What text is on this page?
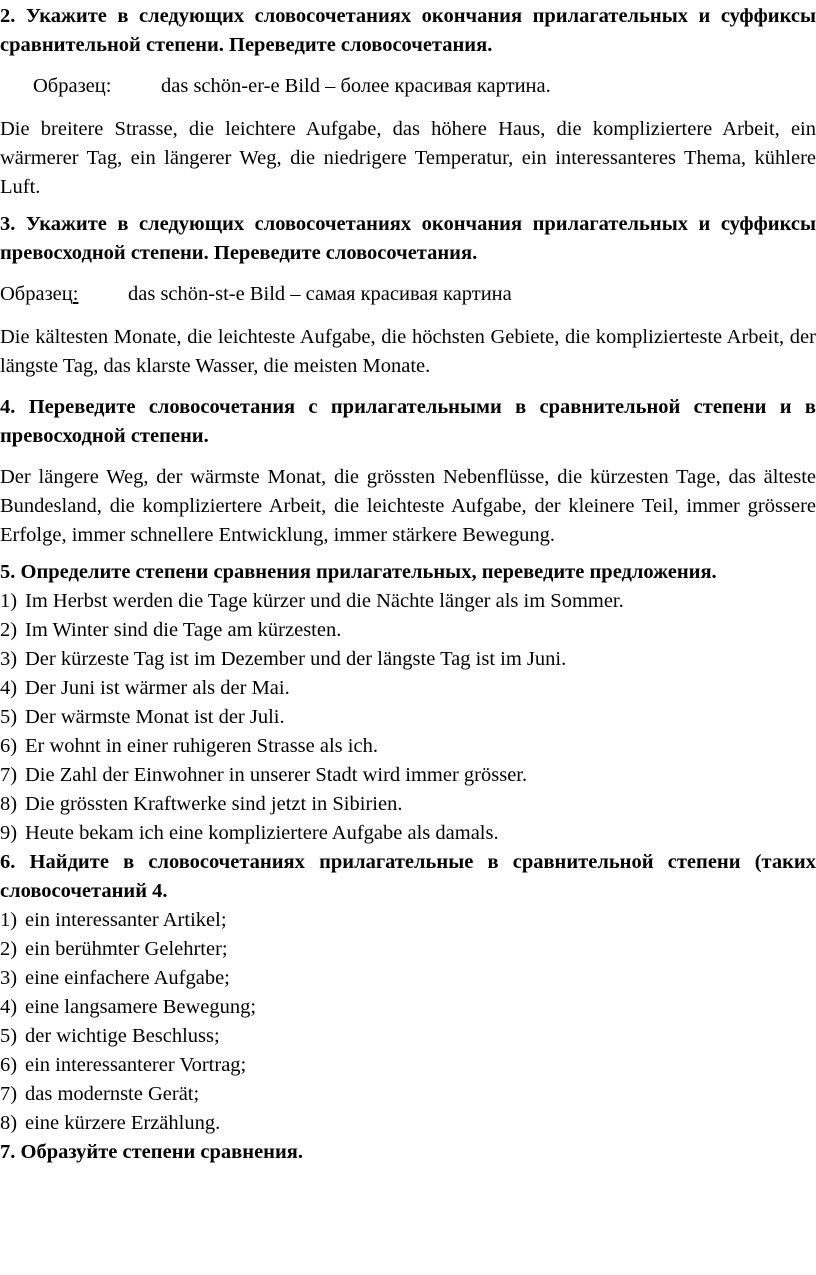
2. Укажите в следующих словосочетаниях окончания прилагательных и суффиксы сравнительной степени. Переведите словосочетания.

Образец:	das schön-er-e Bild – более красивая картина.

Die breitere Strasse, die leichtere Aufgabe, das höhere Haus, die kompliziertere Arbeit, ein wärmerer Tag, ein längerer Weg, die niedrigere Temperatur, ein interessanteres Thema, kühlere Luft.

3. Укажите в следующих словосочетаниях окончания прилагательных и суффиксы превосходной степени. Переведите словосочетания.

Образец:	das schön-st-e Bild – самая красивая картина

Die kältesten Monate, die leichteste Aufgabe, die höchsten Gebiete, die komplizierteste Arbeit, der längste Tag, das klarste Wasser, die meisten Monate.

4. Переведите словосочетания с прилагательными в сравнительной степени и в превосходной степени.

Der längere Weg, der wärmste Monat, die grössten Nebenflüsse, die kürzesten Tage, das älteste Bundesland, die kompliziertere Arbeit, die leichteste Aufgabe, der kleinere Teil, immer grössere Erfolge, immer schnellere Entwicklung, immer stärkere Bewegung.

5. Определите степени сравнения прилагательных, переведите предложения.

1) Im Herbst werden die Tage kürzer und die Nächte länger als im Sommer.
2) Im Winter sind die Tage am kürzesten.
3) Der kürzeste Tag ist im Dezember und der längste Tag ist im Juni.
4) Der Juni ist wärmer als der Mai.
5) Der wärmste Monat ist der Juli.
6) Er wohnt in einer ruhigeren Strasse als ich.
7) Die Zahl der Einwohner in unserer Stadt wird immer grösser.
8) Die grössten Kraftwerke sind jetzt in Sibirien.
9) Heute bekam ich eine kompliziertere Aufgabe als damals.

6. Найдите в словосочетаниях прилагательные в сравнительной степени (таких словосочетаний 4.

1) ein interessanter Artikel;
2) ein berühmter Gelehrter;
3) eine einfachere Aufgabe;
4) eine langsamere Bewegung;
5) der wichtige Beschluss;
6) ein interessanterer Vortrag;
7) das modernste Gerät;
8) eine kürzere Erzählung.

7. Образуйте степени сравнения.
